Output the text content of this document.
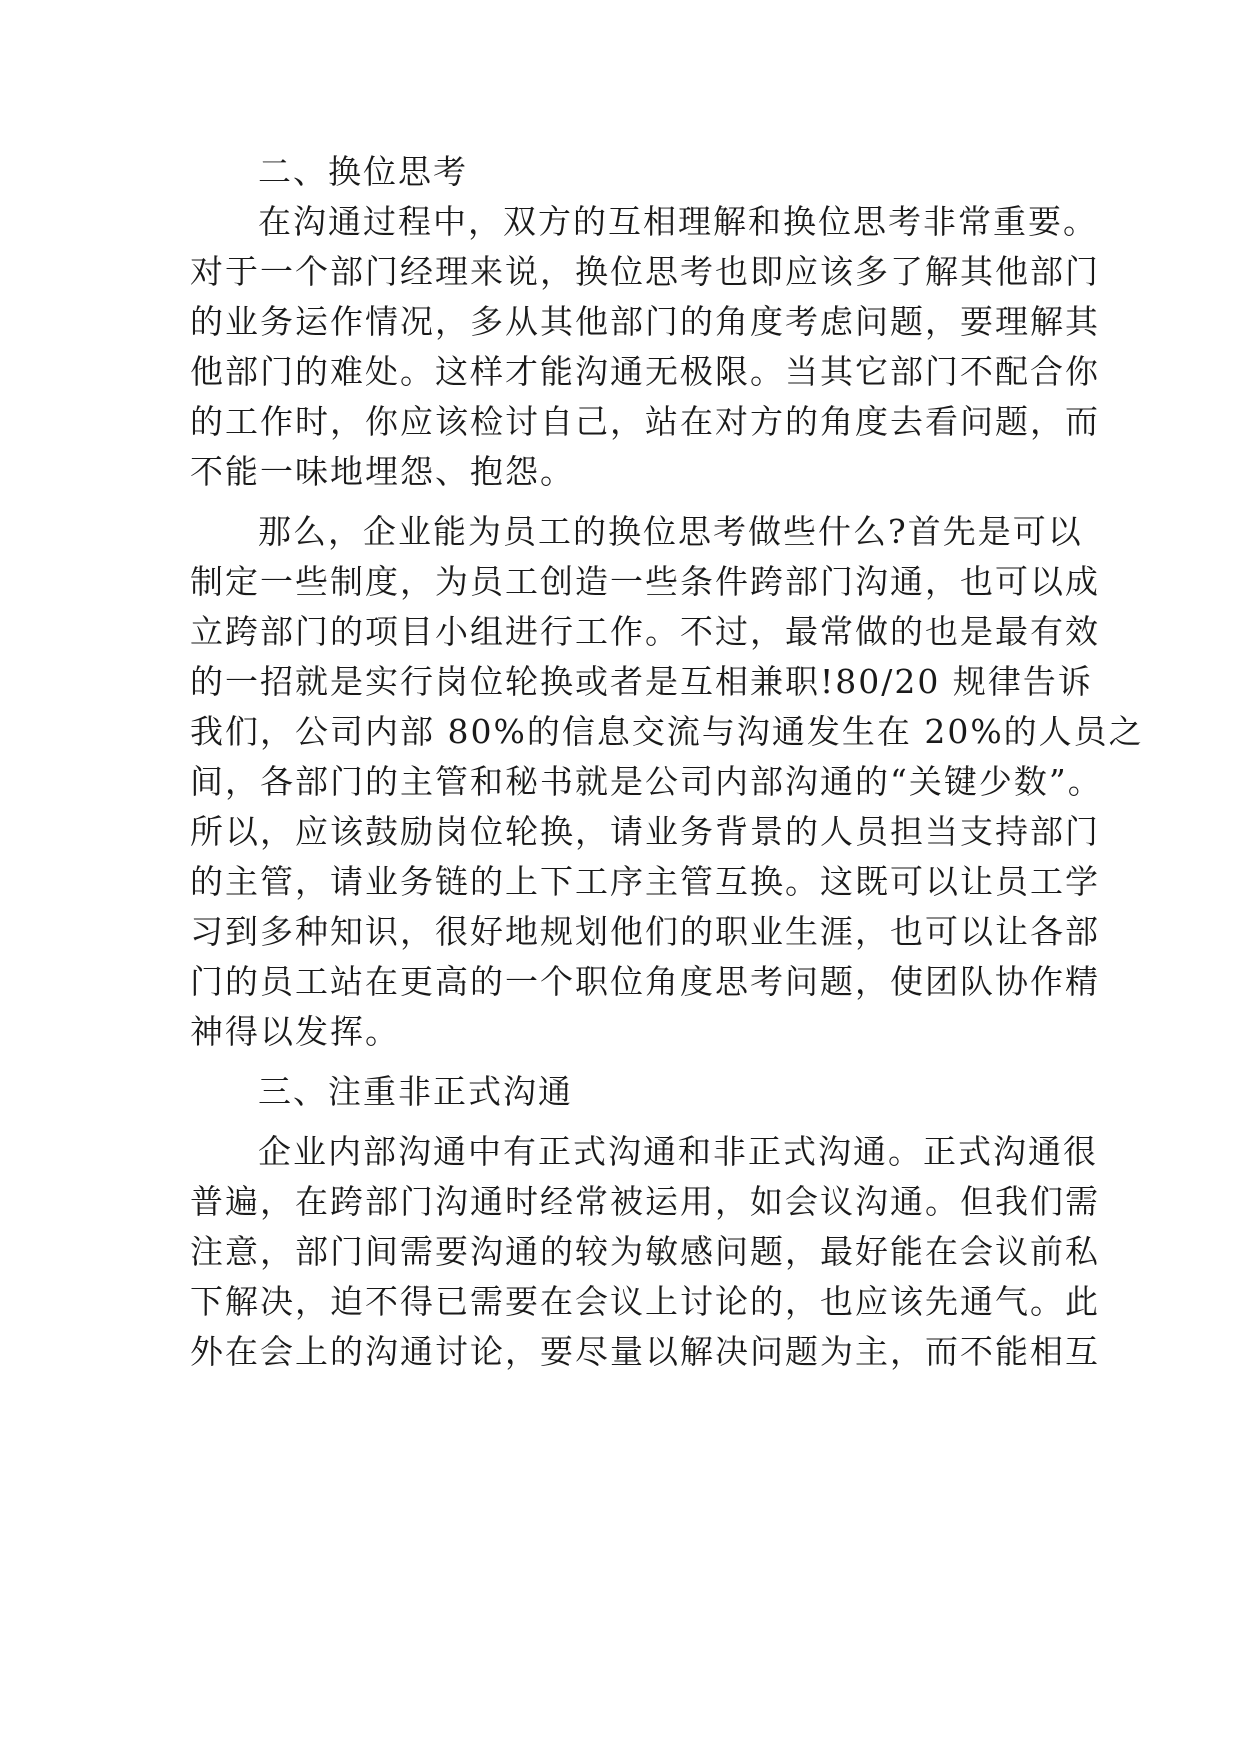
二、换位思考
在沟通过程中，双方的互相理解和换位思考非常重要。
对于一个部门经理来说，换位思考也即应该多了解其他部门
的业务运作情况，多从其他部门的角度考虑问题，要理解其
他部门的难处。这样才能沟通无极限。当其它部门不配合你
的工作时，你应该检讨自己，站在对方的角度去看问题，而
不能一味地埋怨、抱怨。
那么，企业能为员工的换位思考做些什么?首先是可以
制定一些制度，为员工创造一些条件跨部门沟通，也可以成
立跨部门的项目小组进行工作。不过，最常做的也是最有效
的一招就是实行岗位轮换或者是互相兼职!80/20 规律告诉
我们，公司内部 80%的信息交流与沟通发生在 20%的人员之
间，各部门的主管和秘书就是公司内部沟通的“关键少数”。
所以，应该鼓励岗位轮换，请业务背景的人员担当支持部门
的主管，请业务链的上下工序主管互换。这既可以让员工学
习到多种知识，很好地规划他们的职业生涯，也可以让各部
门的员工站在更高的一个职位角度思考问题，使团队协作精
神得以发挥。
三、注重非正式沟通
企业内部沟通中有正式沟通和非正式沟通。正式沟通很
普遍，在跨部门沟通时经常被运用，如会议沟通。但我们需
注意，部门间需要沟通的较为敏感问题，最好能在会议前私
下解决，迫不得已需要在会议上讨论的，也应该先通气。此
外在会上的沟通讨论，要尽量以解决问题为主，而不能相互
